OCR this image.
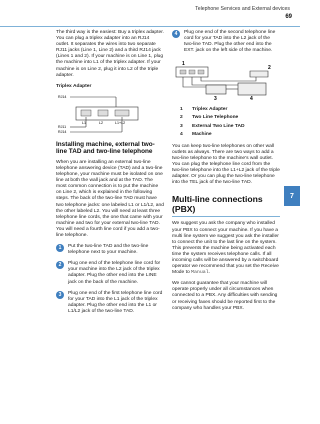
Telephone Services and External devices
69
7

The third way is the easiest: Buy a triplex adapter. You can plug a triplex adapter into an RJ14 outlet. It separates the wires into two separate RJ11 jacks (Line 1, Line 2) and a third RJ14 jack (Lines 1 and 2). If your machine is on Line 1, plug the machine into L1 of the triplex adapter. If your machine is on Line 2, plug it into L2 of the triple adapter.

Triplex Adapter
RJ14
L1	L2	L1+L2
RJ11
RJ14
Installing machine, external two-line TAD and two-line telephone

When you are installing an external two-line telephone answering device (TAD) and a two-line telephone, your machine must be isolated on one line at both the wall jack and at the TAD. The most common connection is to put the machine on Line 2, which is explained in the following steps. The back of the two-line TAD must have two telephone jacks: one labeled L1 or L1/L2, and the other labeled L2. You will need at least three telephone line cords, the one that came with your machine and two for your external two-line TAD. You will need a fourth line cord if you add a two-line telephone.

1	Put the two-line TAD and the two-line telephone next to your machine.
2	Plug one end of the telephone line cord for your machine into the L2 jack of the triplex adapter. Plug the other end into the LINE jack on the back of the machine.
3	Plug one end of the first telephone line cord for your TAD into the L1 jack of the triplex adapter. Plug the other end into the L1 or L1/L2 jack of the two-line TAD.
4	Plug one end of the second telephone line cord for your TAD into the L2 jack of the two-line TAD. Plug the other end into the EXT. jack on the left side of the machine.
1
2
3	4
1	Triplex Adapter
2	Two Line Telephone
3	External Two Line TAD
4	Machine

You can keep two-line telephones on other wall outlets as always. There are two ways to add a two-line telephone to the machine's wall outlet. You can plug the telephone line cord from the two-line telephone into the L1+L2 jack of the triple adapter. Or you can plug the two-line telephone into the TEL jack of the two-line TAD.

Multi-line connections (PBX)

We suggest you ask the company who installed your PBX to connect your machine. If you have a multi line system we suggest you ask the installer to connect the unit to the last line on the system. This prevents the machine being activated each time the system receives telephone calls. If all incoming calls will be answered by a switchboard operator we recommend that you set the Receive Mode to Manual.

We cannot guarantee that your machine will operate properly under all circumstances when connected to a PBX. Any difficulties with sending or receiving faxes should be reported first to the company who handles your PBX.
